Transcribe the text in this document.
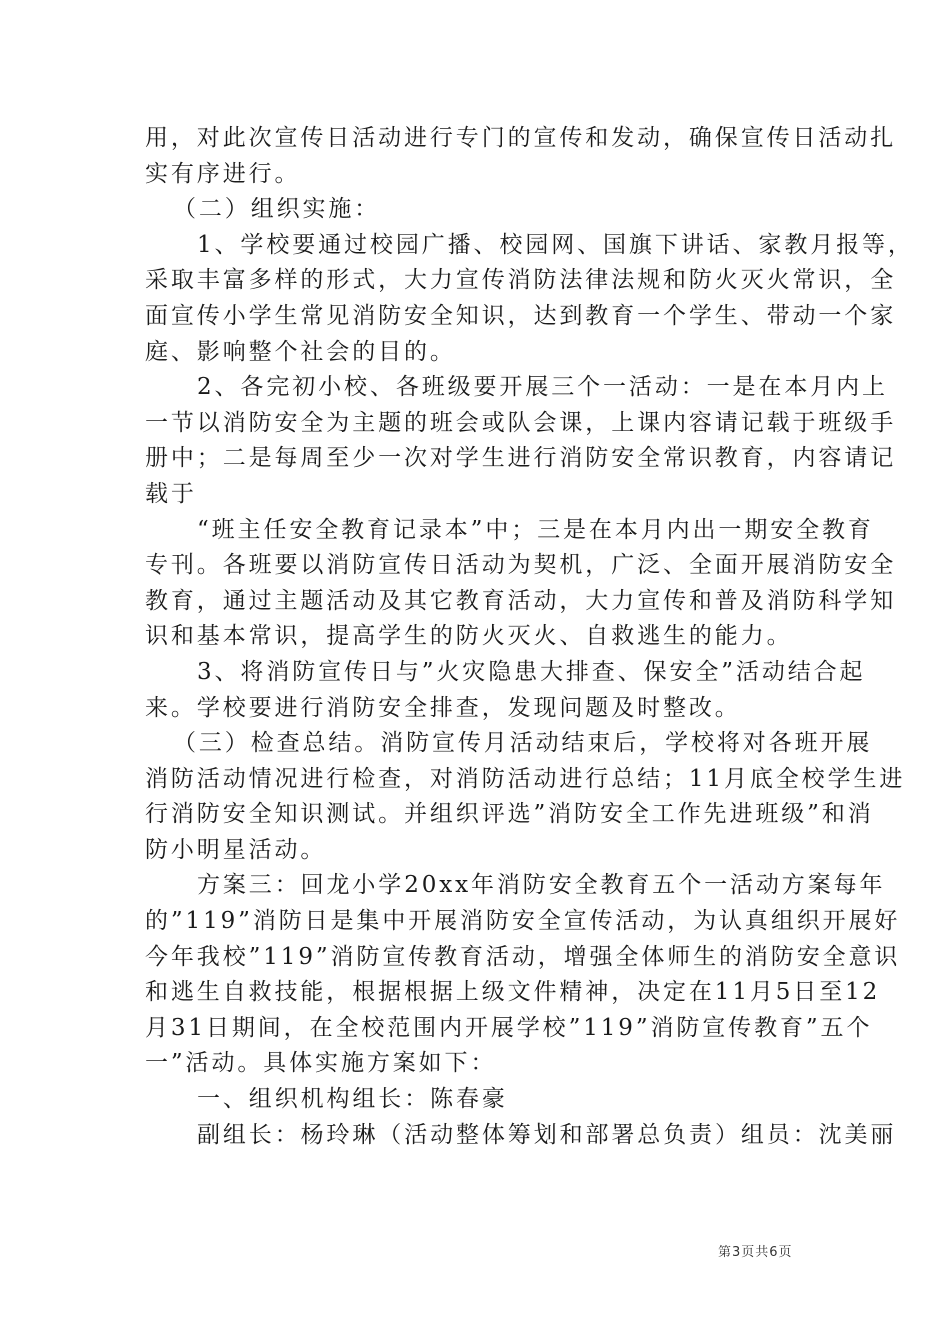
用，对此次宣传日活动进行专门的宣传和发动，确保宣传日活动扎
实有序进行。
（二）组织实施：
1、学校要通过校园广播、校园网、国旗下讲话、家教月报等，
采取丰富多样的形式，大力宣传消防法律法规和防火灭火常识，全
面宣传小学生常见消防安全知识，达到教育一个学生、带动一个家
庭、影响整个社会的目的。
2、各完初小校、各班级要开展三个一活动：一是在本月内上
一节以消防安全为主题的班会或队会课，上课内容请记载于班级手
册中；二是每周至少一次对学生进行消防安全常识教育，内容请记
载于
“班主任安全教育记录本”中；三是在本月内出一期安全教育
专刊。各班要以消防宣传日活动为契机，广泛、全面开展消防安全
教育，通过主题活动及其它教育活动，大力宣传和普及消防科学知
识和基本常识，提高学生的防火灭火、自救逃生的能力。
3、将消防宣传日与”火灾隐患大排查、保安全”活动结合起
来。学校要进行消防安全排查，发现问题及时整改。
（三）检查总结。消防宣传月活动结束后，学校将对各班开展
消防活动情况进行检查，对消防活动进行总结；11月底全校学生进
行消防安全知识测试。并组织评选”消防安全工作先进班级”和消
防小明星活动。
方案三：回龙小学20xx年消防安全教育五个一活动方案每年
的”119”消防日是集中开展消防安全宣传活动，为认真组织开展好
今年我校”119”消防宣传教育活动，增强全体师生的消防安全意识
和逃生自救技能，根据根据上级文件精神，决定在11月5日至12
月31日期间，在全校范围内开展学校”119”消防宣传教育”五个
一”活动。具体实施方案如下：
一、组织机构组长：陈春豪
副组长：杨玲琳（活动整体筹划和部署总负责）组员：沈美丽
第3页共6页
